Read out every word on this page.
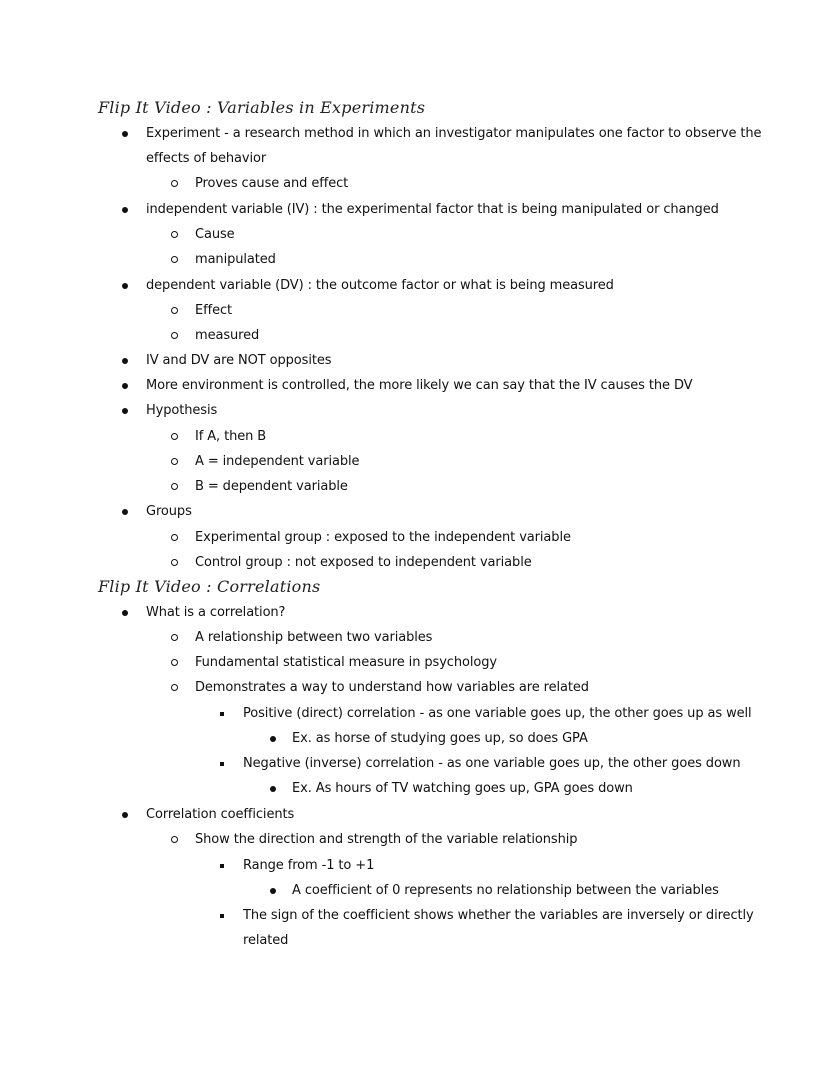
Flip It Video : Variables in Experiments
Experiment - a research method in which an investigator manipulates one factor to observe the
effects of behavior
Proves cause and effect
independent variable (IV) : the experimental factor that is being manipulated or changed
Cause
manipulated
dependent variable (DV) : the outcome factor or what is being measured
Effect
measured
IV and DV are NOT opposites
More environment is controlled, the more likely we can say that the IV causes the DV
Hypothesis
If A, then B
A = independent variable
B = dependent variable
Groups
Experimental group : exposed to the independent variable
Control group : not exposed to independent variable
Flip It Video : Correlations
What is a correlation?
A relationship between two variables
Fundamental statistical measure in psychology
Demonstrates a way to understand how variables are related
Positive (direct) correlation - as one variable goes up, the other goes up as well
Ex. as horse of studying goes up, so does GPA
Negative (inverse) correlation - as one variable goes up, the other goes down
Ex. As hours of TV watching goes up, GPA goes down
Correlation coefficients
Show the direction and strength of the variable relationship
Range from -1 to +1
A coefficient of 0 represents no relationship between the variables
The sign of the coefficient shows whether the variables are inversely or directly
related
